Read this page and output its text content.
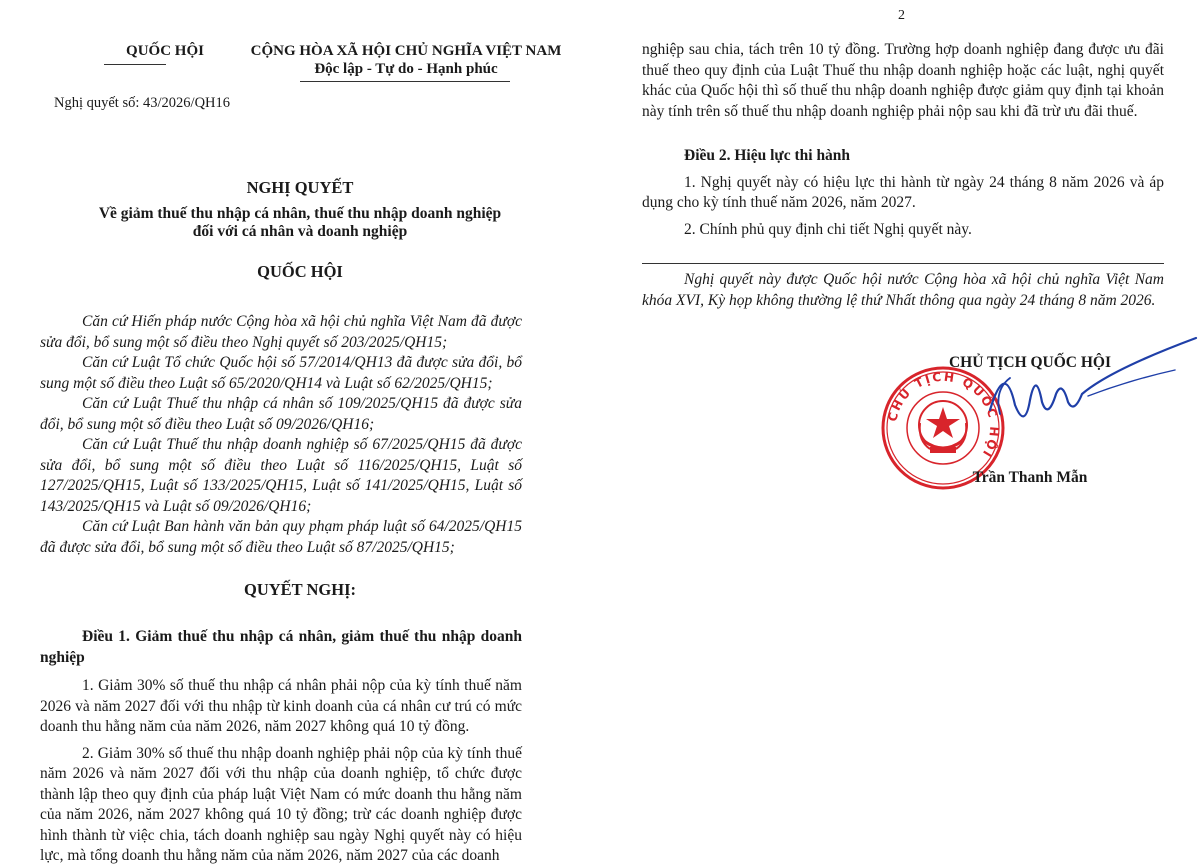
QUỐC HỘI	CỘNG HÒA XÃ HỘI CHỦ NGHĨA VIỆT NAM
Độc lập - Tự do - Hạnh phúc
Nghị quyết số: 43/2026/QH16
NGHỊ QUYẾT
Về giảm thuế thu nhập cá nhân, thuế thu nhập doanh nghiệp
đối với cá nhân và doanh nghiệp
QUỐC HỘI

Căn cứ Hiến pháp nước Cộng hòa xã hội chủ nghĩa Việt Nam đã được sửa đổi, bổ sung một số điều theo Nghị quyết số 203/2025/QH15;

Căn cứ Luật Tổ chức Quốc hội số 57/2014/QH13 đã được sửa đổi, bổ sung một số điều theo Luật số 65/2020/QH14 và Luật số 62/2025/QH15;

Căn cứ Luật Thuế thu nhập cá nhân số 109/2025/QH15 đã được sửa đổi, bổ sung một số điều theo Luật số 09/2026/QH16;

Căn cứ Luật Thuế thu nhập doanh nghiệp số 67/2025/QH15 đã được sửa đổi, bổ sung một số điều theo Luật số 116/2025/QH15, Luật số 127/2025/QH15, Luật số 133/2025/QH15, Luật số 141/2025/QH15, Luật số 143/2025/QH15 và Luật số 09/2026/QH16;

Căn cứ Luật Ban hành văn bản quy phạm pháp luật số 64/2025/QH15 đã được sửa đổi, bổ sung một số điều theo Luật số 87/2025/QH15;

QUYẾT NGHỊ:

Điều 1. Giảm thuế thu nhập cá nhân, giảm thuế thu nhập doanh nghiệp

1. Giảm 30% số thuế thu nhập cá nhân phải nộp của kỳ tính thuế năm 2026 và năm 2027 đối với thu nhập từ kinh doanh của cá nhân cư trú có mức doanh thu hằng năm của năm 2026, năm 2027 không quá 10 tỷ đồng.

2. Giảm 30% số thuế thu nhập doanh nghiệp phải nộp của kỳ tính thuế năm 2026 và năm 2027 đối với thu nhập của doanh nghiệp, tổ chức được thành lập theo quy định của pháp luật Việt Nam có mức doanh thu hằng năm của năm 2026, năm 2027 không quá 10 tỷ đồng; trừ các doanh nghiệp được hình thành từ việc chia, tách doanh nghiệp sau ngày Nghị quyết này có hiệu lực, mà tổng doanh thu hằng năm của năm 2026, năm 2027 của các doanh

2

nghiệp sau chia, tách trên 10 tỷ đồng. Trường hợp doanh nghiệp đang được ưu đãi thuế theo quy định của Luật Thuế thu nhập doanh nghiệp hoặc các luật, nghị quyết khác của Quốc hội thì số thuế thu nhập doanh nghiệp được giảm quy định tại khoản này tính trên số thuế thu nhập doanh nghiệp phải nộp sau khi đã trừ ưu đãi thuế.

Điều 2. Hiệu lực thi hành

1. Nghị quyết này có hiệu lực thi hành từ ngày 24 tháng 8 năm 2026 và áp dụng cho kỳ tính thuế năm 2026, năm 2027.

2. Chính phủ quy định chi tiết Nghị quyết này.

Nghị quyết này được Quốc hội nước Cộng hòa xã hội chủ nghĩa Việt Nam khóa XVI, Kỳ họp không thường lệ thứ Nhất thông qua ngày 24 tháng 8 năm 2026.

CHỦ TỊCH QUỐC HỘI
CHỦ TỊCH QUỐC HỘI
Trần Thanh Mẫn
